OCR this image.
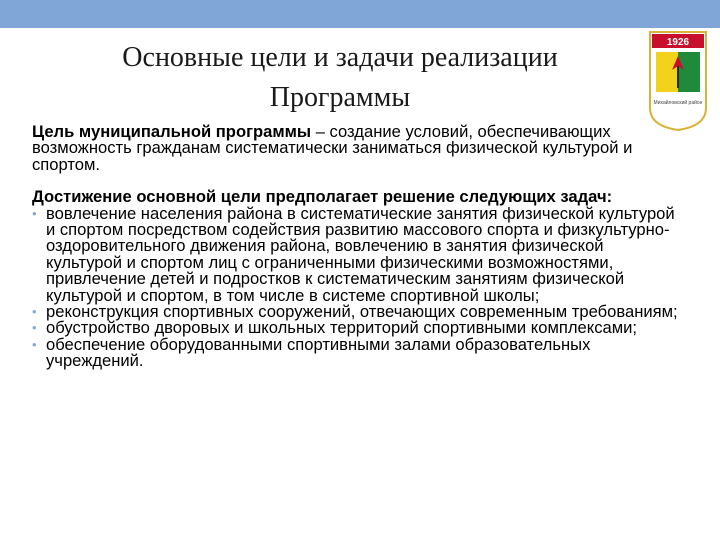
Основные цели и задачи реализации
Программы
1926
Михайловский район

Цель муниципальной программы – создание условий, обеспечивающих возможность гражданам систематически заниматься физической культурой и спортом.

Достижение основной цели предполагает решение следующих задач:
• вовлечение населения района в систематические занятия физической культурой и спортом посредством содействия развитию массового спорта и физкультурно-оздоровительного движения района, вовлечению в занятия физической культурой и спортом лиц с ограниченными физическими возможностями, привлечение детей и подростков к систематическим занятиям физической культурой и спортом, в том числе в системе спортивной школы;
• реконструкция спортивных сооружений, отвечающих современным требованиям;
• обустройство дворовых и школьных территорий спортивными комплексами;
• обеспечение оборудованными спортивными залами образовательных учреждений.
